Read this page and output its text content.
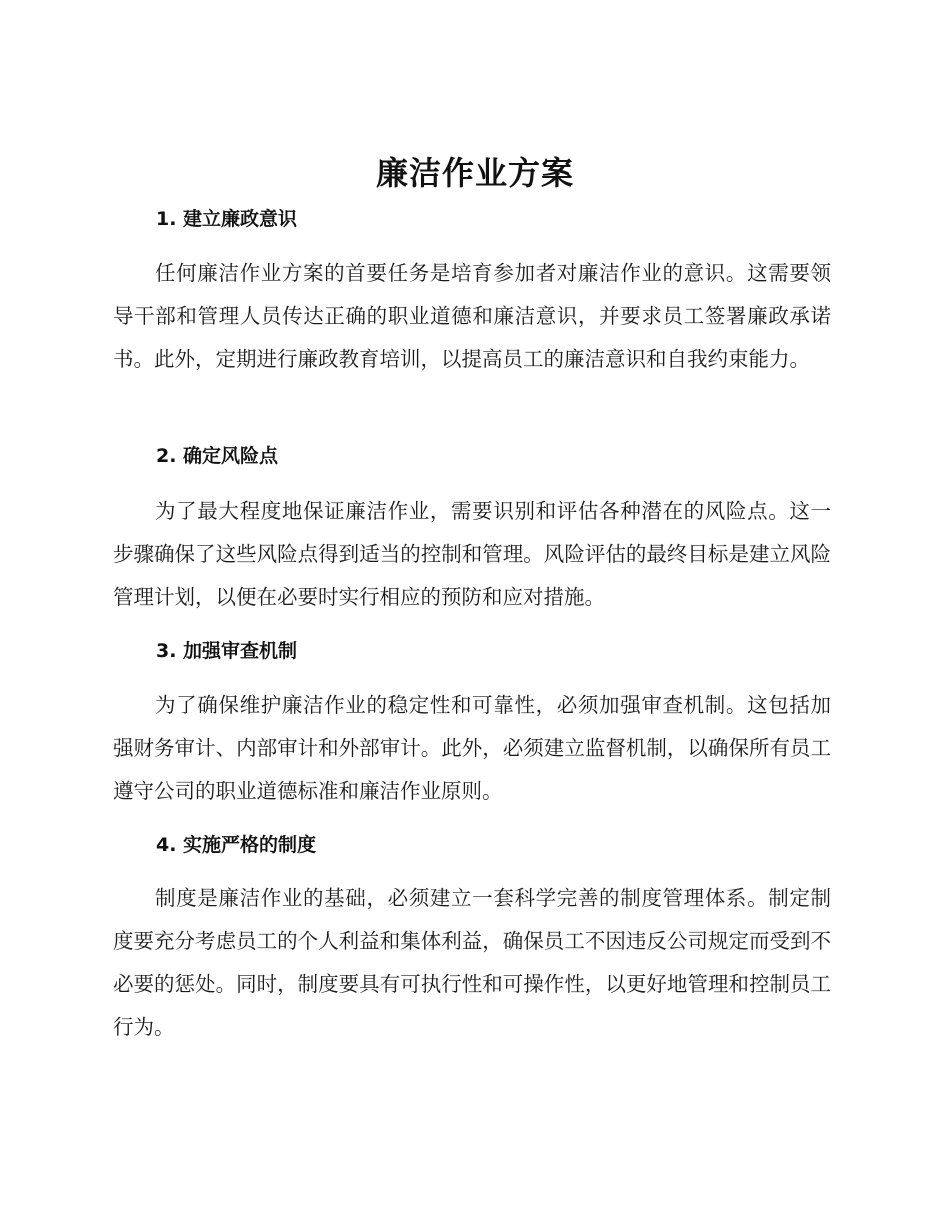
廉洁作业方案
1. 建立廉政意识

任何廉洁作业方案的首要任务是培育参加者对廉洁作业的意识。这需要领导干部和管理人员传达正确的职业道德和廉洁意识，并要求员工签署廉政承诺书。此外，定期进行廉政教育培训，以提高员工的廉洁意识和自我约束能力。

2. 确定风险点

为了最大程度地保证廉洁作业，需要识别和评估各种潜在的风险点。这一步骤确保了这些风险点得到适当的控制和管理。风险评估的最终目标是建立风险管理计划，以便在必要时实行相应的预防和应对措施。

3. 加强审查机制

为了确保维护廉洁作业的稳定性和可靠性，必须加强审查机制。这包括加强财务审计、内部审计和外部审计。此外，必须建立监督机制，以确保所有员工遵守公司的职业道德标准和廉洁作业原则。

4. 实施严格的制度

制度是廉洁作业的基础，必须建立一套科学完善的制度管理体系。制定制度要充分考虑员工的个人利益和集体利益，确保员工不因违反公司规定而受到不必要的惩处。同时，制度要具有可执行性和可操作性，以更好地管理和控制员工行为。
